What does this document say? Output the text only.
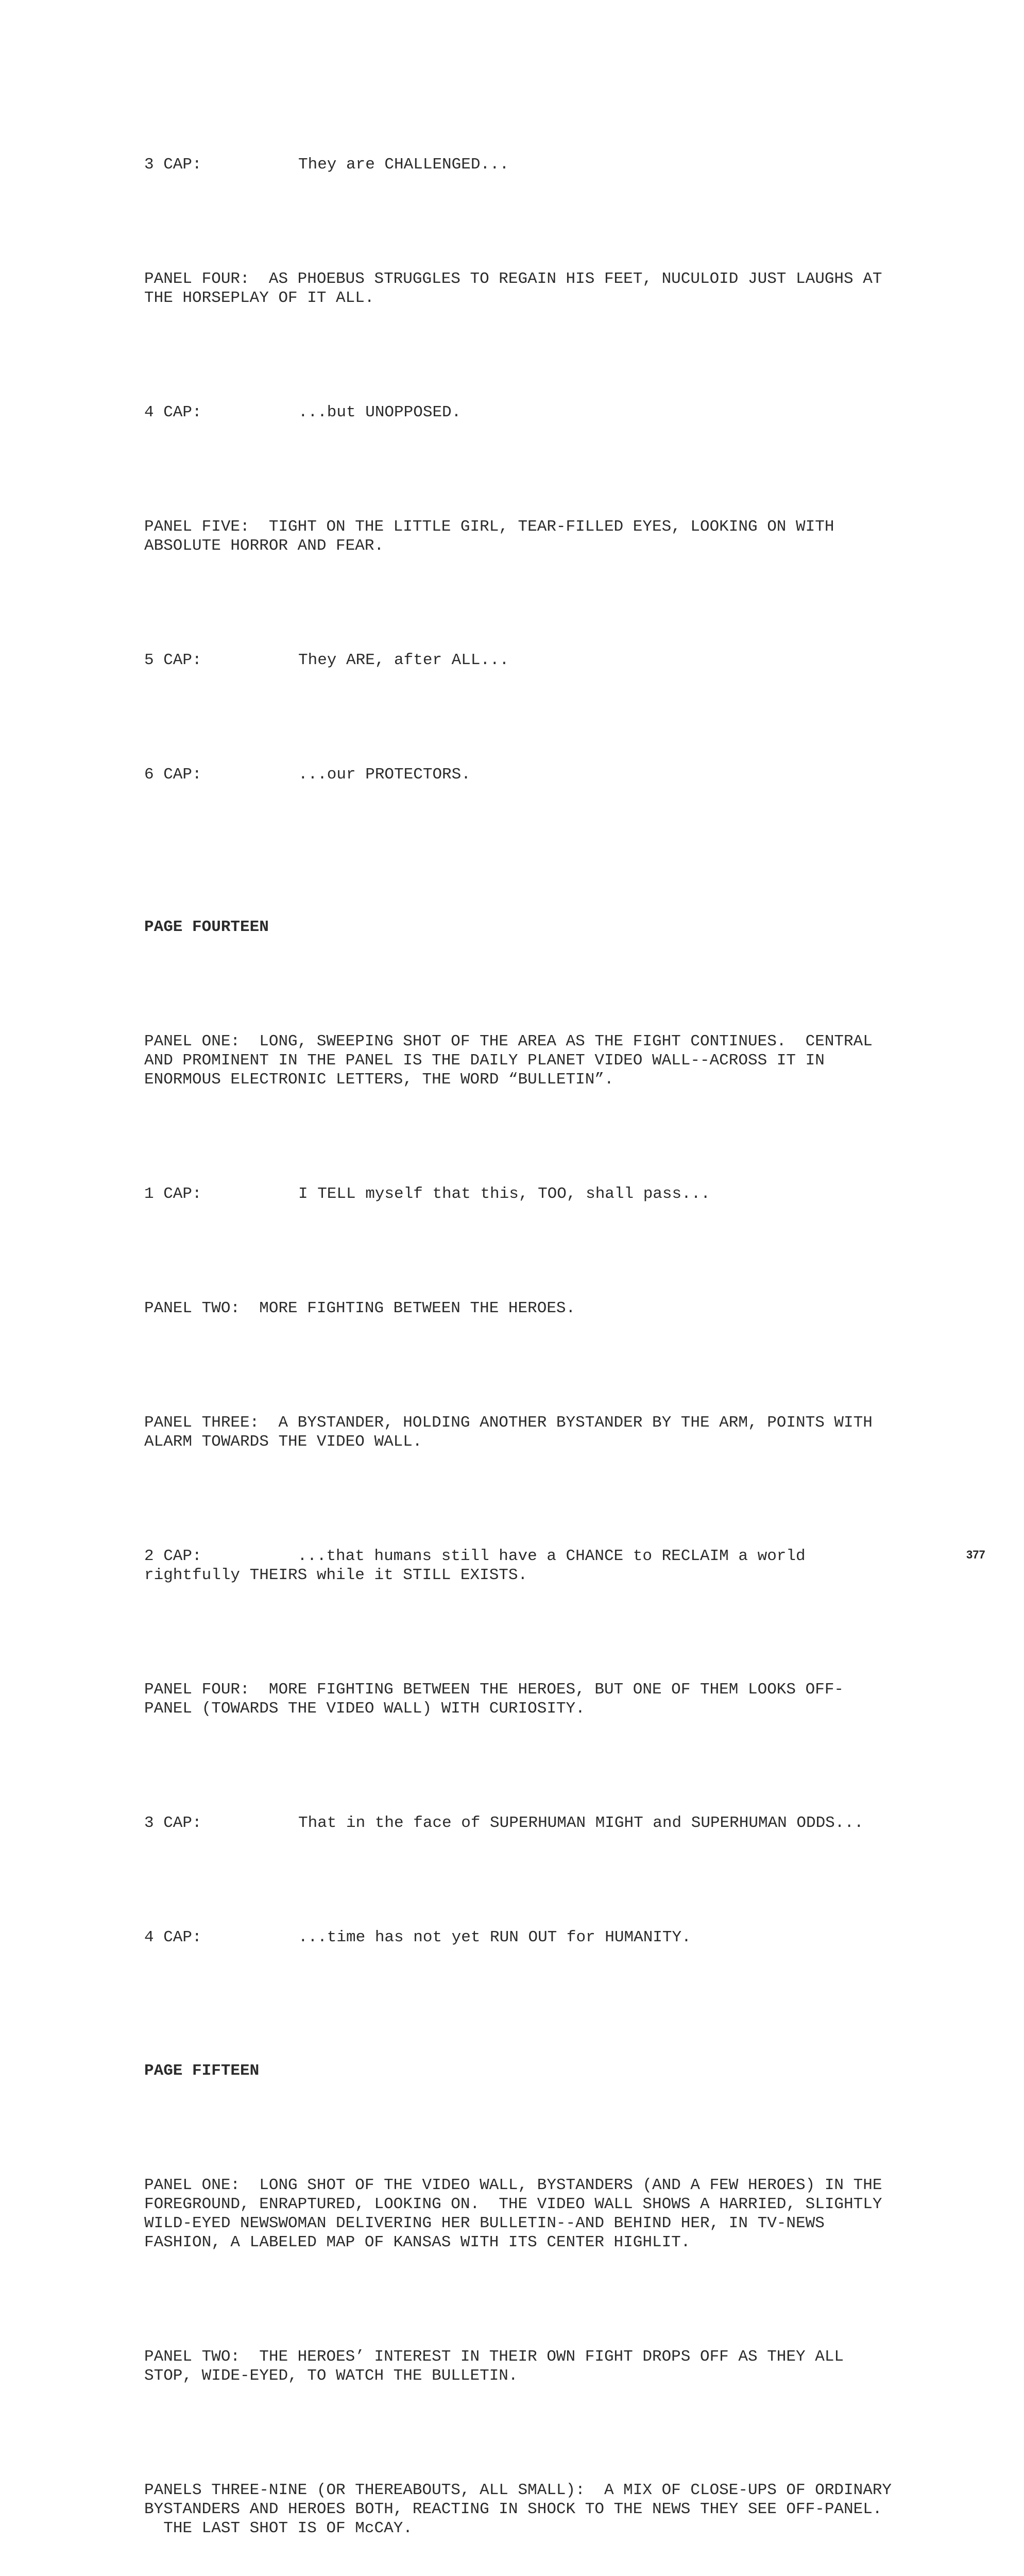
3 CAP:	They are CHALLENGED...

PANEL FOUR:  AS PHOEBUS STRUGGLES TO REGAIN HIS FEET, NUCULOID JUST LAUGHS AT
THE HORSEPLAY OF IT ALL.

4 CAP:	...but UNOPPOSED.

PANEL FIVE:  TIGHT ON THE LITTLE GIRL, TEAR-FILLED EYES, LOOKING ON WITH
ABSOLUTE HORROR AND FEAR.

5 CAP:	They ARE, after ALL...

6 CAP:	...our PROTECTORS.

PAGE FOURTEEN

PANEL ONE:  LONG, SWEEPING SHOT OF THE AREA AS THE FIGHT CONTINUES.  CENTRAL
AND PROMINENT IN THE PANEL IS THE DAILY PLANET VIDEO WALL--ACROSS IT IN
ENORMOUS ELECTRONIC LETTERS, THE WORD “BULLETIN”.

1 CAP:	I TELL myself that this, TOO, shall pass...

PANEL TWO:  MORE FIGHTING BETWEEN THE HEROES.

PANEL THREE:  A BYSTANDER, HOLDING ANOTHER BYSTANDER BY THE ARM, POINTS WITH
ALARM TOWARDS THE VIDEO WALL.

2 CAP:          ...that humans still have a CHANCE to RECLAIM a world
rightfully THEIRS while it STILL EXISTS.

PANEL FOUR:  MORE FIGHTING BETWEEN THE HEROES, BUT ONE OF THEM LOOKS OFF-
PANEL (TOWARDS THE VIDEO WALL) WITH CURIOSITY.

3 CAP:	That in the face of SUPERHUMAN MIGHT and SUPERHUMAN ODDS...

4 CAP:	...time has not yet RUN OUT for HUMANITY.

PAGE FIFTEEN

PANEL ONE:  LONG SHOT OF THE VIDEO WALL, BYSTANDERS (AND A FEW HEROES) IN THE
FOREGROUND, ENRAPTURED, LOOKING ON.  THE VIDEO WALL SHOWS A HARRIED, SLIGHTLY
WILD-EYED NEWSWOMAN DELIVERING HER BULLETIN--AND BEHIND HER, IN TV-NEWS
FASHION, A LABELED MAP OF KANSAS WITH ITS CENTER HIGHLIT.

PANEL TWO:  THE HEROES’ INTEREST IN THEIR OWN FIGHT DROPS OFF AS THEY ALL
STOP, WIDE-EYED, TO WATCH THE BULLETIN.

PANELS THREE-NINE (OR THEREABOUTS, ALL SMALL):  A MIX OF CLOSE-UPS OF ORDINARY
BYSTANDERS AND HEROES BOTH, REACTING IN SHOCK TO THE NEWS THEY SEE OFF-PANEL.
THE LAST SHOT IS OF McCAY.

377
